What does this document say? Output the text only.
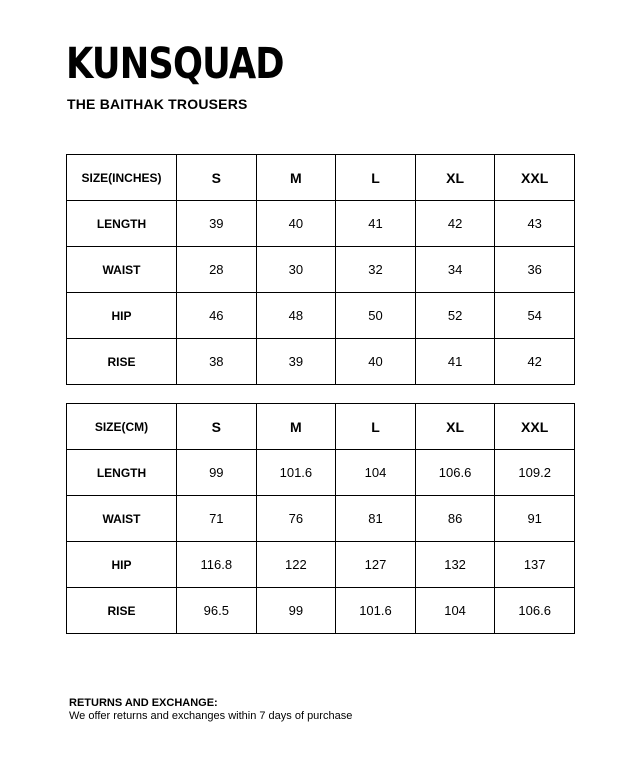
KUNSQUAD
THE BAITHAK TROUSERS
SIZE(INCHES)	S	M	L	XL	XXL
LENGTH	39	40	41	42	43
WAIST	28	30	32	34	36
HIP	46	48	50	52	54
RISE	38	39	40	41	42
SIZE(CM)	S	M	L	XL	XXL
LENGTH	99	101.6	104	106.6	109.2
WAIST	71	76	81	86	91
HIP	116.8	122	127	132	137
RISE	96.5	99	101.6	104	106.6
RETURNS AND EXCHANGE:
We offer returns and exchanges within 7 days of purchase
